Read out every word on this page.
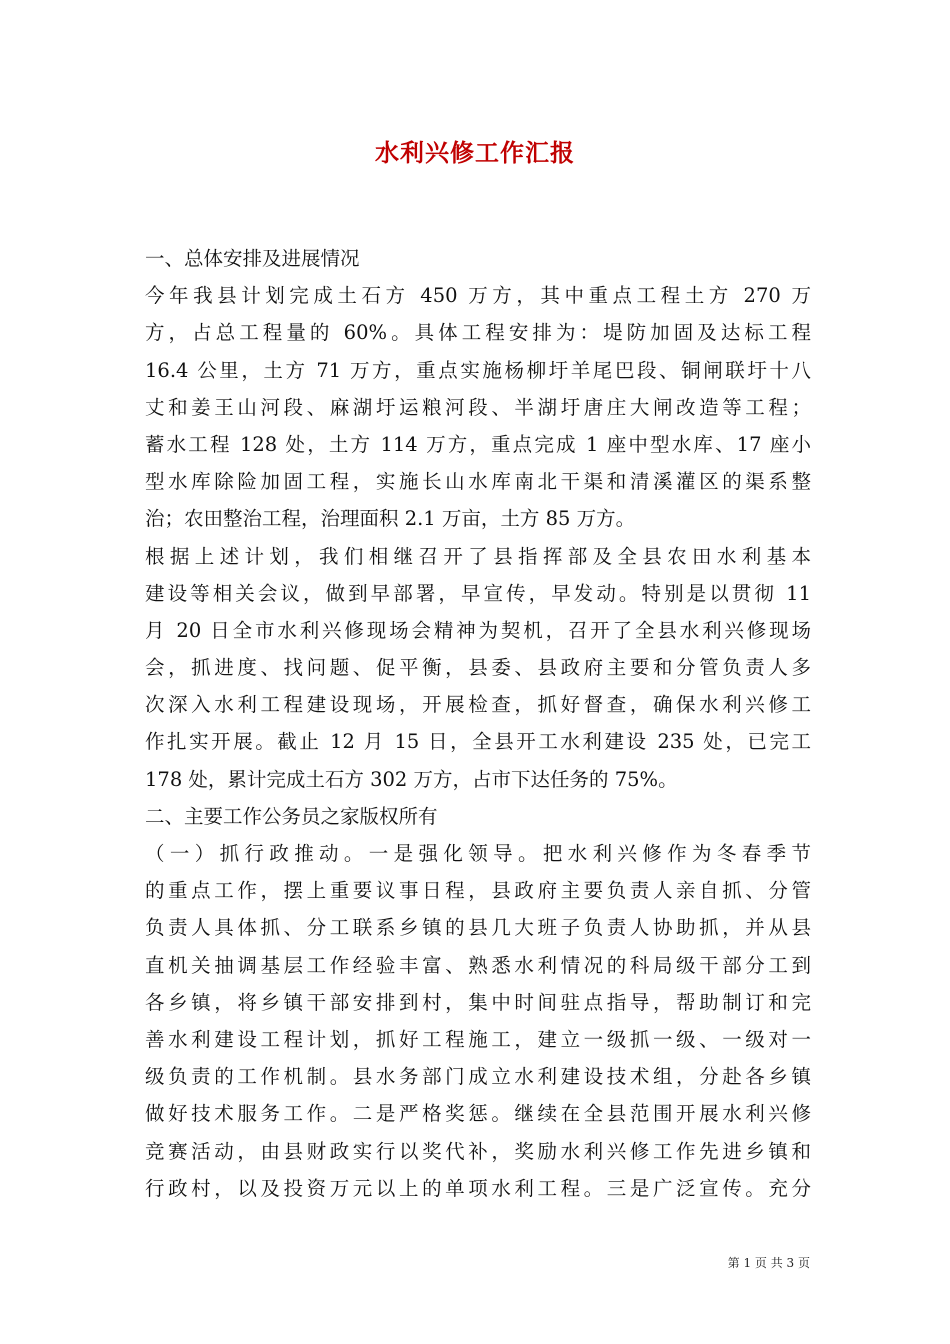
水利兴修工作汇报
一、总体安排及进展情况
今年我县计划完成土石方 450 万方，其中重点工程土方 270 万
方，占总工程量的 60%。具体工程安排为：堤防加固及达标工程
16.4 公里，土方 71 万方，重点实施杨柳圩羊尾巴段、铜闸联圩十八
丈和姜王山河段、麻湖圩运粮河段、半湖圩唐庄大闸改造等工程；
蓄水工程 128 处，土方 114 万方，重点完成 1 座中型水库、17 座小
型水库除险加固工程，实施长山水库南北干渠和清溪灌区的渠系整
治；农田整治工程，治理面积 2.1 万亩，土方 85 万方。
根据上述计划，我们相继召开了县指挥部及全县农田水利基本
建设等相关会议，做到早部署，早宣传，早发动。特别是以贯彻 11
月 20 日全市水利兴修现场会精神为契机，召开了全县水利兴修现场
会，抓进度、找问题、促平衡，县委、县政府主要和分管负责人多
次深入水利工程建设现场，开展检查，抓好督查，确保水利兴修工
作扎实开展。截止 12 月 15 日，全县开工水利建设 235 处，已完工
178 处，累计完成土石方 302 万方，占市下达任务的 75%。
二、主要工作公务员之家版权所有
（一）抓行政推动。一是强化领导。把水利兴修作为冬春季节
的重点工作，摆上重要议事日程，县政府主要负责人亲自抓、分管
负责人具体抓、分工联系乡镇的县几大班子负责人协助抓，并从县
直机关抽调基层工作经验丰富、熟悉水利情况的科局级干部分工到
各乡镇，将乡镇干部安排到村，集中时间驻点指导，帮助制订和完
善水利建设工程计划，抓好工程施工，建立一级抓一级、一级对一
级负责的工作机制。县水务部门成立水利建设技术组，分赴各乡镇
做好技术服务工作。二是严格奖惩。继续在全县范围开展水利兴修
竞赛活动，由县财政实行以奖代补，奖励水利兴修工作先进乡镇和
行政村，以及投资万元以上的单项水利工程。三是广泛宣传。充分
第 1 页 共 3 页
